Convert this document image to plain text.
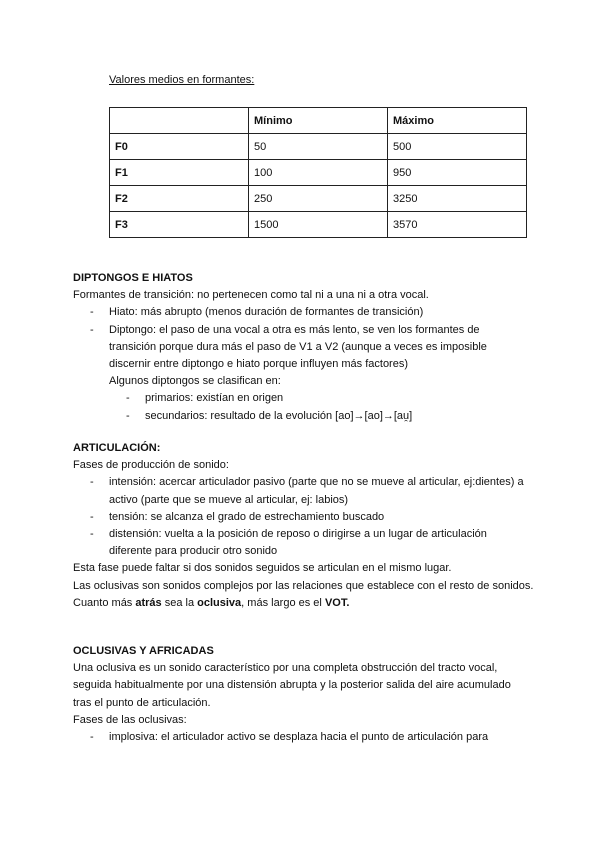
Valores medios en formantes:
	Mínimo	Máximo
F0	50	500
F1	100	950
F2	250	3250
F3	1500	3570
DIPTONGOS E HIATOS
Formantes de transición: no pertenecen como tal ni a una ni a otra vocal.
- Hiato: más abrupto (menos duración de formantes de transición)
- Diptongo: el paso de una vocal a otra es más lento, se ven los formantes de
transición porque dura más el paso de V1 a V2 (aunque a veces es imposible
discernir entre diptongo e hiato porque influyen más factores)
Algunos diptongos se clasifican en:
- primarios: existían en origen
- secundarios: resultado de la evolución [ao]→[ao]→[au̯]
ARTICULACIÓN:
Fases de producción de sonido:
- intensión: acercar articulador pasivo (parte que no se mueve al articular, ej:dientes) a
activo (parte que se mueve al articular, ej: labios)
- tensión: se alcanza el grado de estrechamiento buscado
- distensión: vuelta a la posición de reposo o dirigirse a un lugar de articulación
diferente para producir otro sonido
Esta fase puede faltar si dos sonidos seguidos se articulan en el mismo lugar.
Las oclusivas son sonidos complejos por las relaciones que establece con el resto de sonidos.
Cuanto más atrás sea la oclusiva, más largo es el VOT.
OCLUSIVAS Y AFRICADAS
Una oclusiva es un sonido característico por una completa obstrucción del tracto vocal,
seguida habitualmente por una distensión abrupta y la posterior salida del aire acumulado
tras el punto de articulación.
Fases de las oclusivas:
- implosiva: el articulador activo se desplaza hacia el punto de articulación para
